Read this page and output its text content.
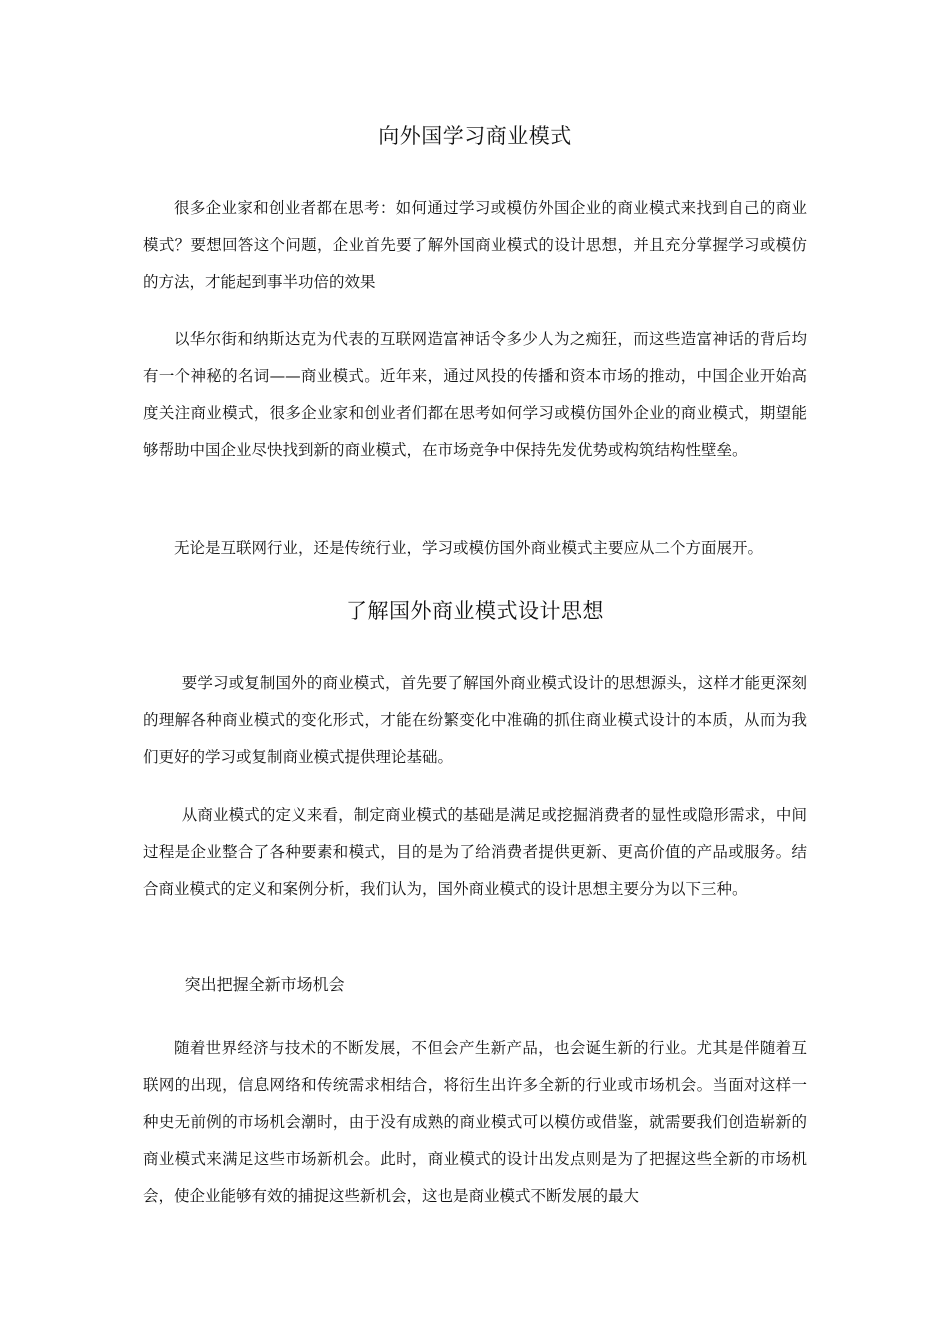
向外国学习商业模式

很多企业家和创业者都在思考：如何通过学习或模仿外国企业的商业模式来找到自己的商业模式？要想回答这个问题，企业首先要了解外国商业模式的设计思想，并且充分掌握学习或模仿的方法，才能起到事半功倍的效果

以华尔街和纳斯达克为代表的互联网造富神话令多少人为之痴狂，而这些造富神话的背后均有一个神秘的名词——商业模式。近年来，通过风投的传播和资本市场的推动，中国企业开始高度关注商业模式，很多企业家和创业者们都在思考如何学习或模仿国外企业的商业模式，期望能够帮助中国企业尽快找到新的商业模式，在市场竞争中保持先发优势或构筑结构性壁垒。

无论是互联网行业，还是传统行业，学习或模仿国外商业模式主要应从二个方面展开。

了解国外商业模式设计思想

要学习或复制国外的商业模式，首先要了解国外商业模式设计的思想源头，这样才能更深刻的理解各种商业模式的变化形式，才能在纷繁变化中准确的抓住商业模式设计的本质，从而为我们更好的学习或复制商业模式提供理论基础。

从商业模式的定义来看，制定商业模式的基础是满足或挖掘消费者的显性或隐形需求，中间过程是企业整合了各种要素和模式，目的是为了给消费者提供更新、更高价值的产品或服务。结合商业模式的定义和案例分析，我们认为，国外商业模式的设计思想主要分为以下三种。

突出把握全新市场机会

随着世界经济与技术的不断发展，不但会产生新产品，也会诞生新的行业。尤其是伴随着互联网的出现，信息网络和传统需求相结合，将衍生出许多全新的行业或市场机会。当面对这样一种史无前例的市场机会潮时，由于没有成熟的商业模式可以模仿或借鉴，就需要我们创造崭新的商业模式来满足这些市场新机会。此时，商业模式的设计出发点则是为了把握这些全新的市场机会，使企业能够有效的捕捉这些新机会，这也是商业模式不断发展的最大
